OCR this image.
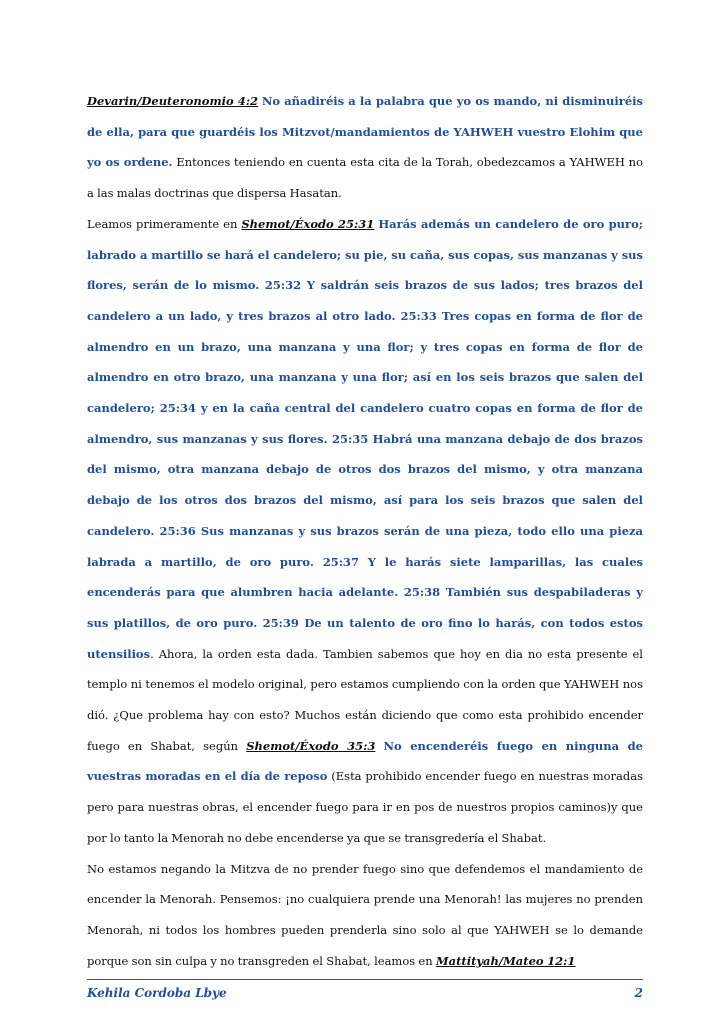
Devarin/Deuteronomio 4:2 No añadiréis a la palabra que yo os mando, ni disminuiréis de ella, para que guardéis los Mitzvot/mandamientos de YAHWEH vuestro Elohim que yo os ordene. Entonces teniendo en cuenta esta cita de la Torah, obedezcamos a YAHWEH no a las malas doctrinas que dispersa Hasatan.
Leamos primeramente en Shemot/Éxodo 25:31 Harás además un candelero de oro puro; labrado a martillo se hará el candelero; su pie, su caña, sus copas, sus manzanas y sus flores, serán de lo mismo. 25:32 Y saldrán seis brazos de sus lados; tres brazos del candelero a un lado, y tres brazos al otro lado. 25:33 Tres copas en forma de flor de almendro en un brazo, una manzana y una flor; y tres copas en forma de flor de almendro en otro brazo, una manzana y una flor; así en los seis brazos que salen del candelero; 25:34 y en la caña central del candelero cuatro copas en forma de flor de almendro, sus manzanas y sus flores. 25:35 Habrá una manzana debajo de dos brazos del mismo, otra manzana debajo de otros dos brazos del mismo, y otra manzana debajo de los otros dos brazos del mismo, así para los seis brazos que salen del candelero. 25:36 Sus manzanas y sus brazos serán de una pieza, todo ello una pieza labrada a martillo, de oro puro. 25:37 Y le harás siete lamparillas, las cuales encenderás para que alumbren hacia adelante. 25:38 También sus despabiladeras y sus platillos, de oro puro. 25:39 De un talento de oro fino lo harás, con todos estos utensilios. Ahora, la orden esta dada. Tambien sabemos que hoy en dia no esta presente el templo ni tenemos el modelo original, pero estamos cumpliendo con la orden que YAHWEH nos dió. ¿Que problema hay con esto? Muchos están diciendo que como esta prohibido encender fuego en Shabat, según Shemot/Éxodo 35:3 No encenderéis fuego en ninguna de vuestras moradas en el día de reposo (Esta prohibido encender fuego en nuestras moradas pero para nuestras obras, el encender fuego para ir en pos de nuestros propios caminos)y que por lo tanto la Menorah no debe encenderse ya que se transgredería el Shabat.
No estamos negando la Mitzva de no prender fuego sino que defendemos el mandamiento de encender la Menorah. Pensemos: ¡no cualquiera prende una Menorah! las mujeres no prenden Menorah, ni todos los hombres pueden prenderla sino solo al que YAHWEH se lo demande porque son sin culpa y no transgreden el Shabat, leamos en Mattityah/Mateo 12:1
Kehila Cordoba Lbye	2
